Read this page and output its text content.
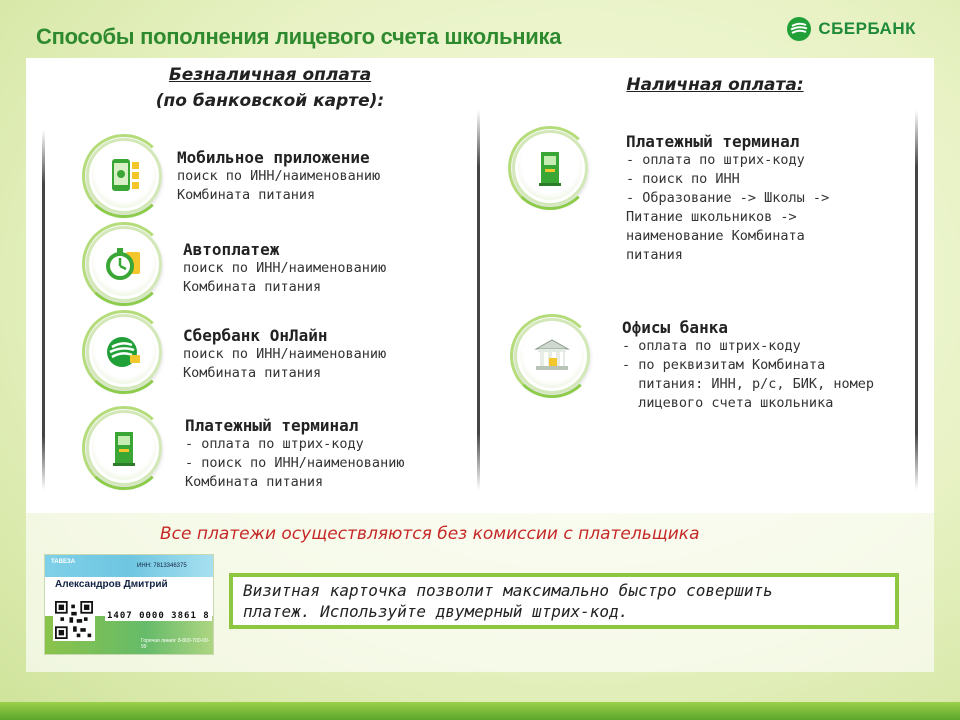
Способы пополнения лицевого счета школьника	СБЕРБАНК
Безналичная оплата
(по банковской карте):
Наличная оплата:
Мобильное приложение
поиск по ИНН/наименованию
Комбината питания
Автоплатеж
поиск по ИНН/наименованию
Комбината питания
Сбербанк ОнЛайн
поиск по ИНН/наименованию
Комбината питания
Платежный терминал
- оплата по штрих-коду
- поиск по ИНН/наименованию
Комбината питания
Платежный терминал
- оплата по штрих-коду
- поиск по ИНН
- Образование -> Школы ->
Питание школьников ->
наименование Комбината
питания
Офисы банка
- оплата по штрих-коду
- по реквизитам Комбината
питания: ИНН, р/с, БИК, номер
лицевого счета школьника
Все платежи осуществляются без комиссии с плательщика
ТАВЕЗА
ИНН: 7813346375
Александров Дмитрий
1407 0000 3861 8
Горячая линия: 8-800-700-00-99
Визитная карточка позволит максимально быстро совершить
платеж. Используйте двумерный штрих-код.
